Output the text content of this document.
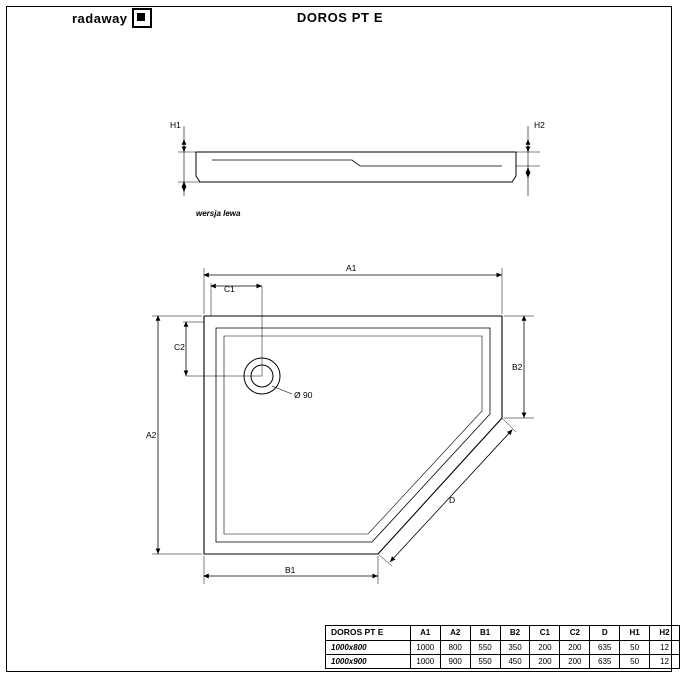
radaway	DOROS PT E
H1	H2
wersja lewa
Ø 90
A1
C1
A2
C2
B2
B1
D
DOROS PT E	A1	A2	B1	B2	C1	C2	D	H1	H2
1000x800	1000	800	550	350	200	200	635	50	12
1000x900	1000	900	550	450	200	200	635	50	12
